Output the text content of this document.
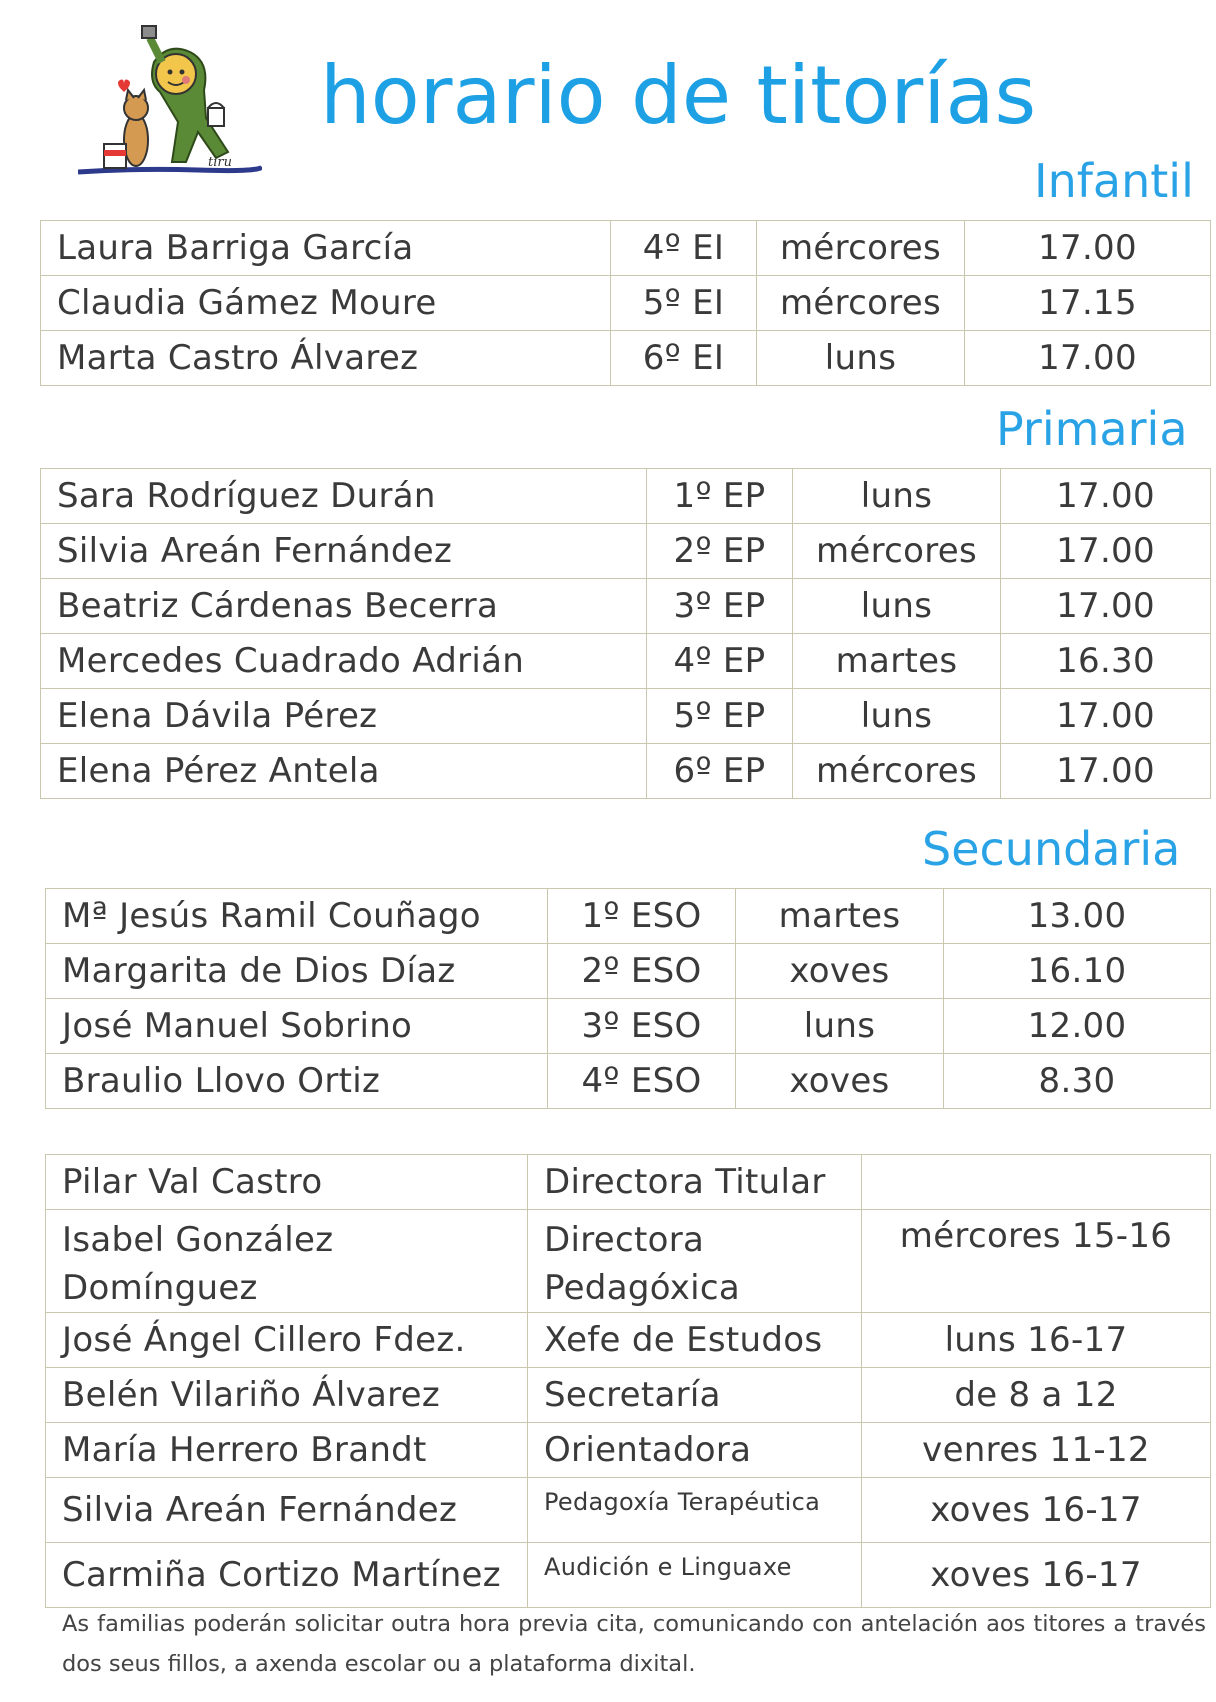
tiru
horario de titorías
Infantil
Laura Barriga García	4º EI	mércores	17.00
Claudia Gámez Moure	5º EI	mércores	17.15
Marta Castro Álvarez	6º EI	luns	17.00
Primaria
Sara Rodríguez Durán	1º EP	luns	17.00
Silvia Areán Fernández	2º EP	mércores	17.00
Beatriz Cárdenas Becerra	3º EP	luns	17.00
Mercedes Cuadrado Adrián	4º EP	martes	16.30
Elena Dávila Pérez	5º EP	luns	17.00
Elena Pérez Antela	6º EP	mércores	17.00
Secundaria
Mª Jesús Ramil Couñago	1º ESO	martes	13.00
Margarita de Dios Díaz	2º ESO	xoves	16.10
José Manuel Sobrino	3º ESO	luns	12.00
Braulio Llovo Ortiz	4º ESO	xoves	8.30
Pilar Val Castro	Directora Titular	
Isabel González Domínguez	Directora Pedagóxica	mércores 15-16
José Ángel Cillero Fdez.	Xefe de Estudos	luns 16-17
Belén Vilariño Álvarez	Secretaría	de 8 a 12
María Herrero Brandt	Orientadora	venres 11-12
Silvia Areán Fernández	Pedagoxía Terapéutica	xoves 16-17
Carmiña Cortizo Martínez	Audición e Linguaxe	xoves 16-17
As familias poderán solicitar outra hora previa cita, comunicando con antelación aos titores a través dos seus fillos, a axenda escolar ou a plataforma dixital.
